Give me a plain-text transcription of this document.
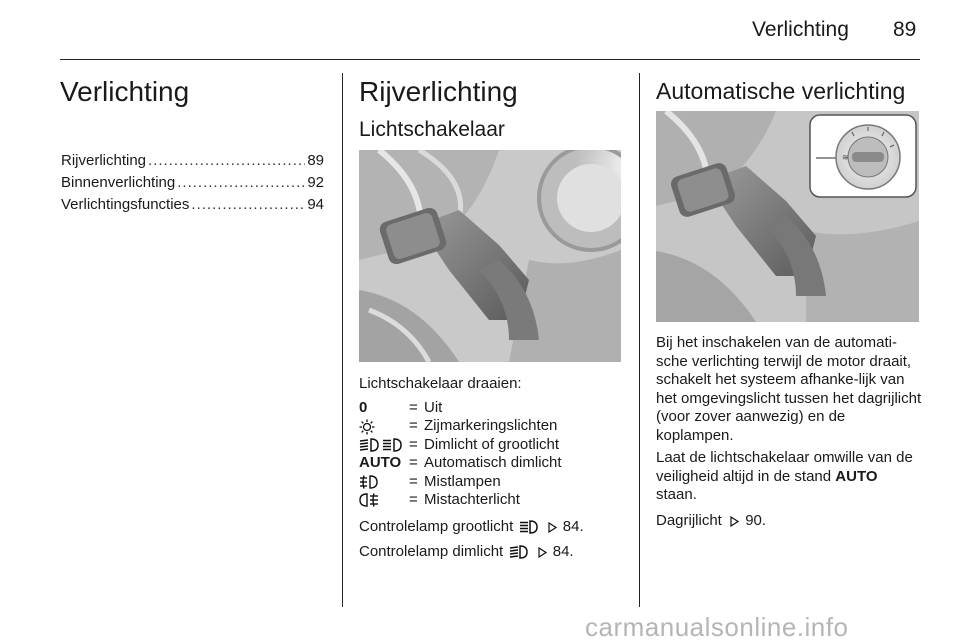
Verlichting 89
Verlichting
Rijverlichting .....	89
Binnenverlichting .....	92
Verlichtingsfuncties .....	94
Rijverlichting
Lichtschakelaar
Lichtschakelaar draaien:
0	= Uit
= Zijmarkeringslichten
= Dimlicht of grootlicht
AUTO = Automatisch dimlicht
= Mistlampen
= Mistachterlicht
Controlelamp grootlicht	84.
Controlelamp dimlicht	84.
Automatische verlichting
≋
Bij het inschakelen van de automati-sche verlichting terwijl de motor draait, schakelt het systeem afhanke-lijk van het omgevingslicht tussen het dagrijlicht (voor zover aanwezig) en de koplampen.
Laat de lichtschakelaar omwille van de veiligheid altijd in de stand AUTO staan.
Dagrijlicht 90.
carmanualsonline.info
